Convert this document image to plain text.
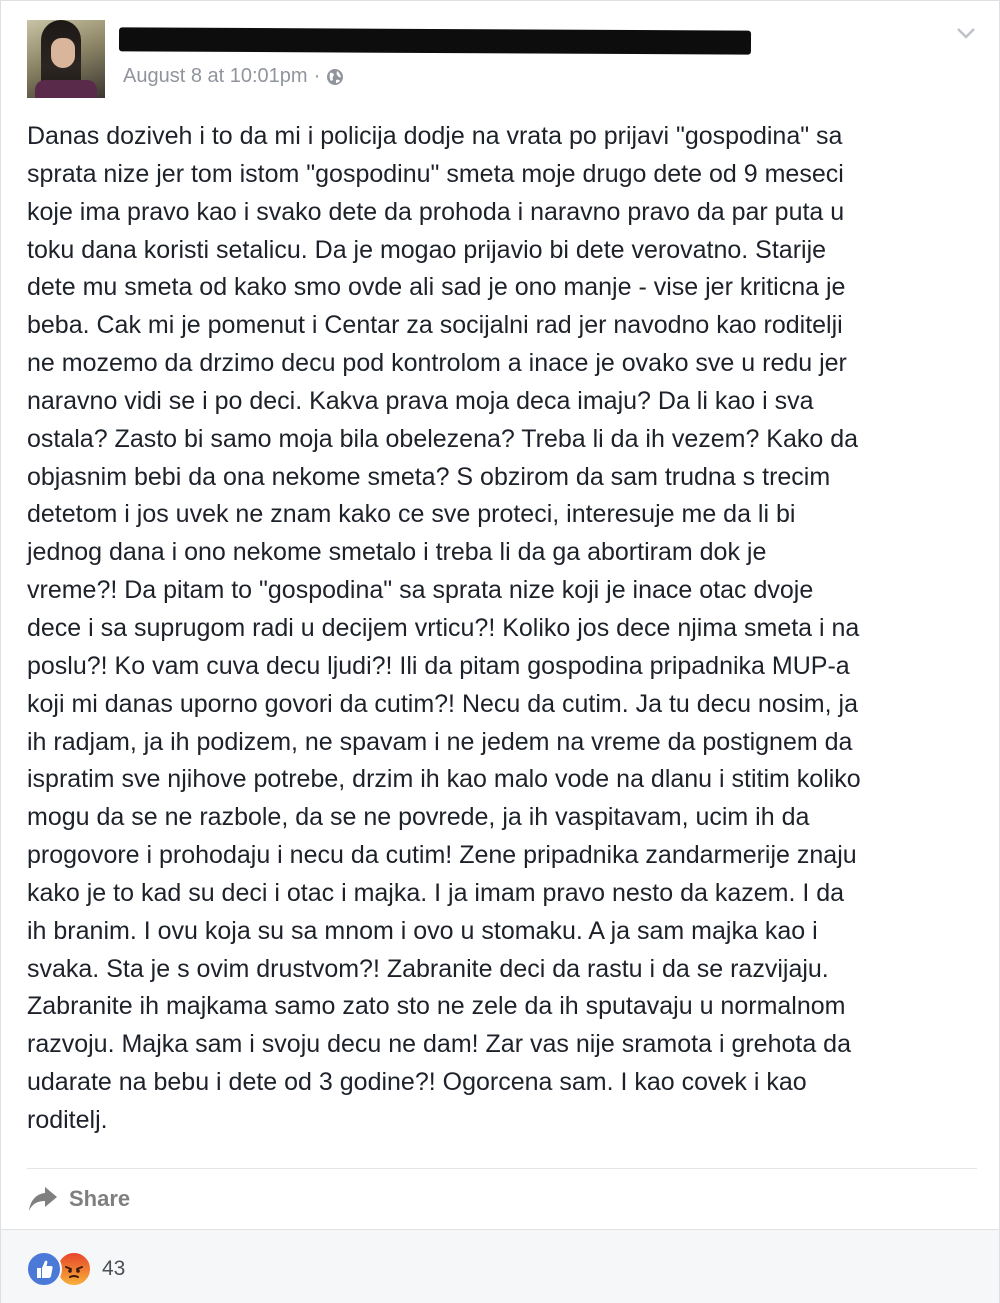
August 8 at 10:01pm ·

Danas doziveh i to da mi i policija dodje na vrata po prijavi "gospodina" sa
sprata nize jer tom istom "gospodinu" smeta moje drugo dete od 9 meseci
koje ima pravo kao i svako dete da prohoda i naravno pravo da par puta u
toku dana koristi setalicu. Da je mogao prijavio bi dete verovatno. Starije
dete mu smeta od kako smo ovde ali sad je ono manje - vise jer kriticna je
beba. Cak mi je pomenut i Centar za socijalni rad jer navodno kao roditelji
ne mozemo da drzimo decu pod kontrolom a inace je ovako sve u redu jer
naravno vidi se i po deci. Kakva prava moja deca imaju? Da li kao i sva
ostala? Zasto bi samo moja bila obelezena? Treba li da ih vezem? Kako da
objasnim bebi da ona nekome smeta? S obzirom da sam trudna s trecim
detetom i jos uvek ne znam kako ce sve proteci, interesuje me da li bi
jednog dana i ono nekome smetalo i treba li da ga abortiram dok je
vreme?! Da pitam to "gospodina" sa sprata nize koji je inace otac dvoje
dece i sa suprugom radi u decijem vrticu?! Koliko jos dece njima smeta i na
poslu?! Ko vam cuva decu ljudi?! Ili da pitam gospodina pripadnika MUP-a
koji mi danas uporno govori da cutim?! Necu da cutim. Ja tu decu nosim, ja
ih radjam, ja ih podizem, ne spavam i ne jedem na vreme da postignem da
ispratim sve njihove potrebe, drzim ih kao malo vode na dlanu i stitim koliko
mogu da se ne razbole, da se ne povrede, ja ih vaspitavam, ucim ih da
progovore i prohodaju i necu da cutim! Zene pripadnika zandarmerije znaju
kako je to kad su deci i otac i majka. I ja imam pravo nesto da kazem. I da
ih branim. I ovu koja su sa mnom i ovo u stomaku. A ja sam majka kao i
svaka. Sta je s ovim drustvom?! Zabranite deci da rastu i da se razvijaju.
Zabranite ih majkama samo zato sto ne zele da ih sputavaju u normalnom
razvoju. Majka sam i svoju decu ne dam! Zar vas nije sramota i grehota da
udarate na bebu i dete od 3 godine?! Ogorcena sam. I kao covek i kao
roditelj.

Share
43
